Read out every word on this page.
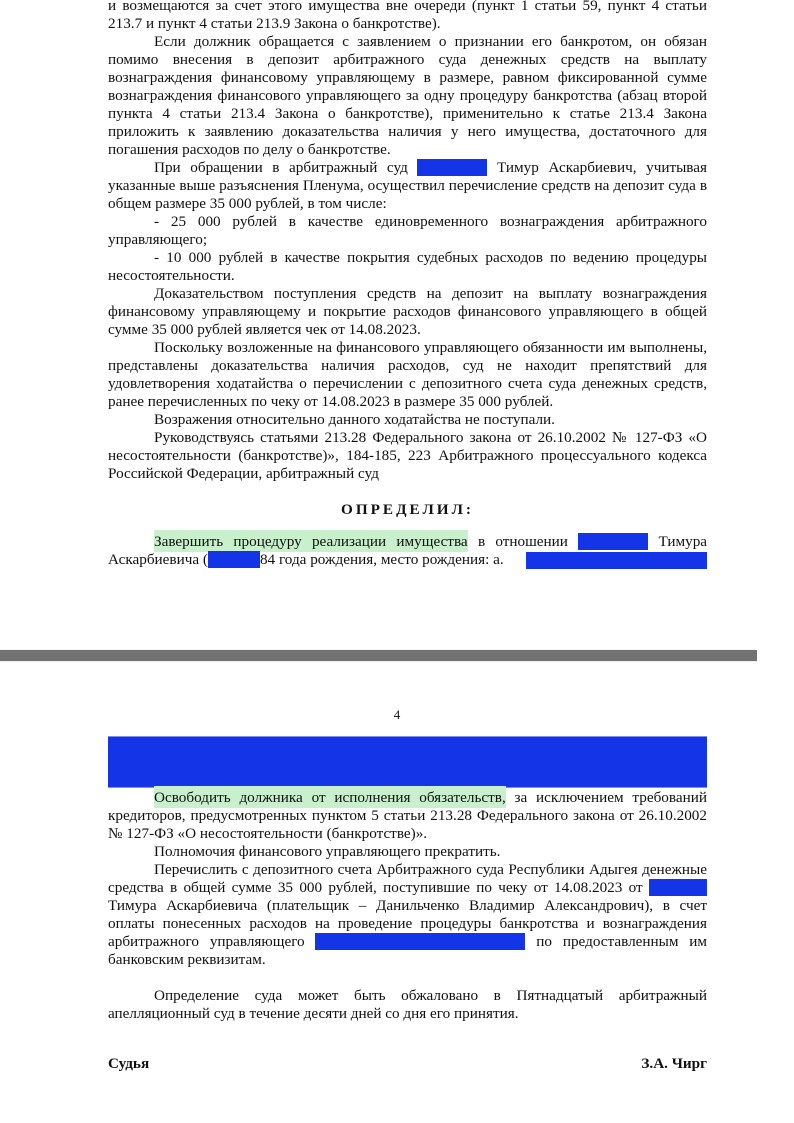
и возмещаются за счет этого имущества вне очереди (пункт 1 статьи 59, пункт 4 статьи

213.7 и пункт 4 статьи 213.9 Закона о банкротстве).

Если должник обращается с заявлением о признании его банкротом, он обязан помимо внесения в депозит арбитражного суда денежных средств на выплату вознаграждения финансовому управляющему в размере, равном фиксированной сумме вознаграждения финансового управляющего за одну процедуру банкротства (абзац второй пункта 4 статьи 213.4 Закона о банкротстве), применительно к статье 213.4 Закона приложить к заявлению доказательства наличия у него имущества, достаточного для погашения расходов по делу о банкротстве.

При обращении в арбитражный суд	Тимур Аскарбиевич, учитывая указанные выше разъяснения Пленума, осуществил перечисление средств на депозит суда в общем размере 35 000 рублей, в том числе:

- 25 000 рублей в качестве единовременного вознаграждения арбитражного управляющего;

- 10 000 рублей в качестве покрытия судебных расходов по ведению процедуры несостоятельности.

Доказательством поступления средств на депозит на выплату вознаграждения финансовому управляющему и покрытие расходов финансового управляющего в общей сумме 35 000 рублей является чек от 14.08.2023.

Поскольку возложенные на финансового управляющего обязанности им выполнены, представлены доказательства наличия расходов, суд не находит препятствий для удовлетворения ходатайства о перечислении с депозитного счета суда денежных средств, ранее перечисленных по чеку от 14.08.2023 в размере 35 000 рублей.

Возражения относительно данного ходатайства не поступали.

Руководствуясь статьями 213.28 Федерального закона от 26.10.2002 № 127-ФЗ «О несостоятельности (банкротстве)», 184-185, 223 Арбитражного процессуального кодекса Российской Федерации, арбитражный суд

ОПРЕДЕЛИЛ:

Завершить процедуру реализации имущества в отношении	Тимура

Аскарбиевича (	84 года рождения, место рождения: а.

4

Освободить должника от исполнения обязательств, за исключением требований кредиторов, предусмотренных пунктом 5 статьи 213.28 Федерального закона от 26.10.2002 № 127-ФЗ «О несостоятельности (банкротстве)».

Полномочия финансового управляющего прекратить.

Перечислить с депозитного счета Арбитражного суда Республики Адыгея денежные средства в общей сумме 35 000 рублей, поступившие по чеку от 14.08.2023 от  Тимура Аскарбиевича (плательщик – Данильченко Владимир Александрович), в счет оплаты понесенных расходов на проведение процедуры банкротства и вознаграждения арбитражного управляющего	по предоставленным им банковским реквизитам.

Определение суда может быть обжаловано в Пятнадцатый арбитражный апелляционный суд в течение десяти дней со дня его принятия.

Судья	З.А. Чирг
